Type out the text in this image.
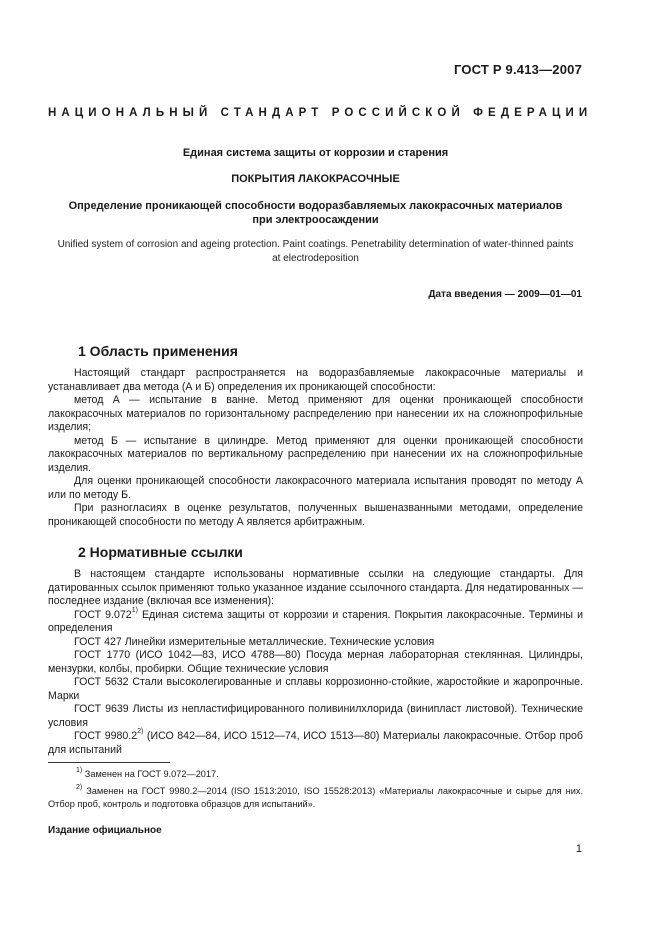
ГОСТ Р 9.413—2007
НАЦИОНАЛЬНЫЙ СТАНДАРТ РОССИЙСКОЙ ФЕДЕРАЦИИ
Единая система защиты от коррозии и старения
ПОКРЫТИЯ ЛАКОКРАСОЧНЫЕ
Определение проникающей способности водоразбавляемых лакокрасочных материалов
при электроосаждении
Unified system of corrosion and ageing protection. Paint coatings. Penetrability determination of water-thinned paints
at electrodeposition
Дата введения — 2009—01—01
1 Область применения

Настоящий стандарт распространяется на водоразбавляемые лакокрасочные материалы и устанавливает два метода (А и Б) определения их проникающей способности:

метод А — испытание в ванне. Метод применяют для оценки проникающей способности лакокрасочных материалов по горизонтальному распределению при нанесении их на сложнопрофильные изделия;

метод Б — испытание в цилиндре. Метод применяют для оценки проникающей способности лакокрасочных материалов по вертикальному распределению при нанесении их на сложнопрофильные изделия.

Для оценки проникающей способности лакокрасочного материала испытания проводят по методу А или по методу Б.

При разногласиях в оценке результатов, полученных вышеназванными методами, определение проникающей способности по методу А является арбитражным.

2 Нормативные ссылки

В настоящем стандарте использованы нормативные ссылки на следующие стандарты. Для датированных ссылок применяют только указанное издание ссылочного стандарта. Для недатированных — последнее издание (включая все изменения):

ГОСТ 9.072$^{1)}$ Единая система защиты от коррозии и старения. Покрытия лакокрасочные. Термины и определения

ГОСТ 427 Линейки измерительные металлические. Технические условия

ГОСТ 1770 (ИСО 1042—83, ИСО 4788—80) Посуда мерная лабораторная стеклянная. Цилиндры, мензурки, колбы, пробирки. Общие технические условия

ГОСТ 5632 Стали высоколегированные и сплавы коррозионно-стойкие, жаростойкие и жаропрочные. Марки

ГОСТ 9639 Листы из непластифицированного поливинилхлорида (винипласт листовой). Технические условия

ГОСТ 9980.2$^{2)}$ (ИСО 842—84, ИСО 1512—74, ИСО 1513—80) Материалы лакокрасочные. Отбор проб для испытаний

$^{1)}$ Заменен на ГОСТ 9.072—2017.

$^{2)}$ Заменен на ГОСТ 9980.2—2014 (ISO 1513:2010, ISO 15528:2013) «Материалы лакокрасочные и сырье для них. Отбор проб, контроль и подготовка образцов для испытаний».

Издание официальное
1
